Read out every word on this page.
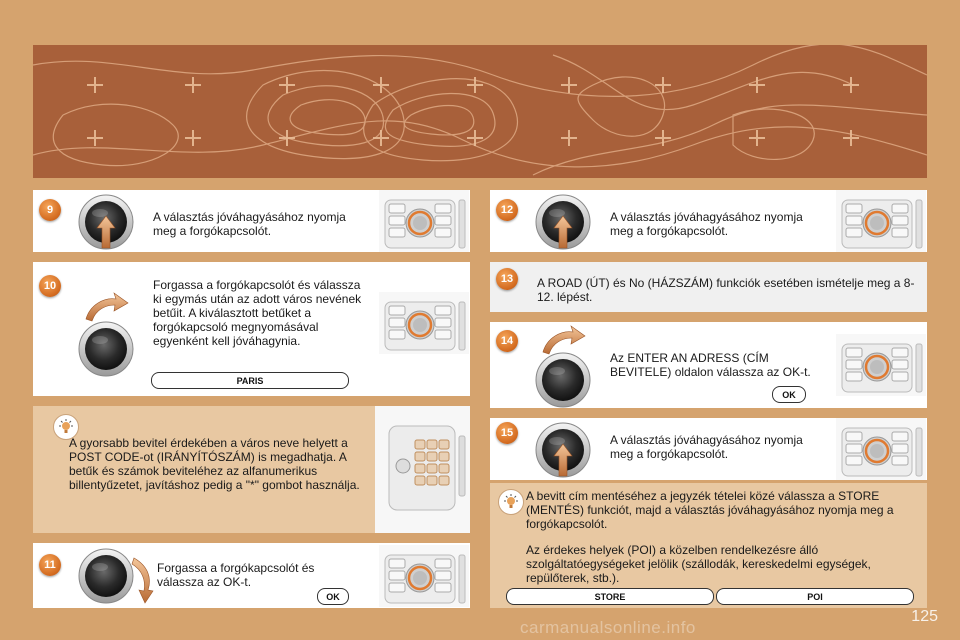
9	A választás jóváhagyásához nyomja meg a forgókapcsolót.
10	Forgassa a forgókapcsolót és válassza ki egymás után az adott város nevének betűit. A kiválasztott betűket a forgókapcsoló megnyomásával egyenként kell jóváhagynia.
PARIS
A gyorsabb bevitel érdekében a város neve helyett a POST CODE-ot (IRÁNYÍTÓSZÁM) is megadhatja. A betűk és számok beviteléhez az alfanumerikus billentyűzetet, javításhoz pedig a "*" gombot használja.
11	Forgassa a forgókapcsolót és válassza az OK-t.
OK
12	A választás jóváhagyásához nyomja meg a forgókapcsolót.
13	A ROAD (ÚT) és No (HÁZSZÁM) funkciók esetében ismételje meg a 8-12. lépést.
14
Az ENTER AN ADRESS (CÍM BEVITELE) oldalon válassza az OK-t.
OK
15	A választás jóváhagyásához nyomja meg a forgókapcsolót.
A bevitt cím mentéséhez a jegyzék tételei közé válassza a STORE (MENTÉS) funkciót, majd a választás jóváhagyásához nyomja meg a forgókapcsolót.
Az érdekes helyek (POI) a közelben rendelkezésre álló szolgáltatóegységeket jelölik (szállodák, kereskedelmi egységek, repülőterek, stb.).
STORE	POI
125
carmanualsonline.info
